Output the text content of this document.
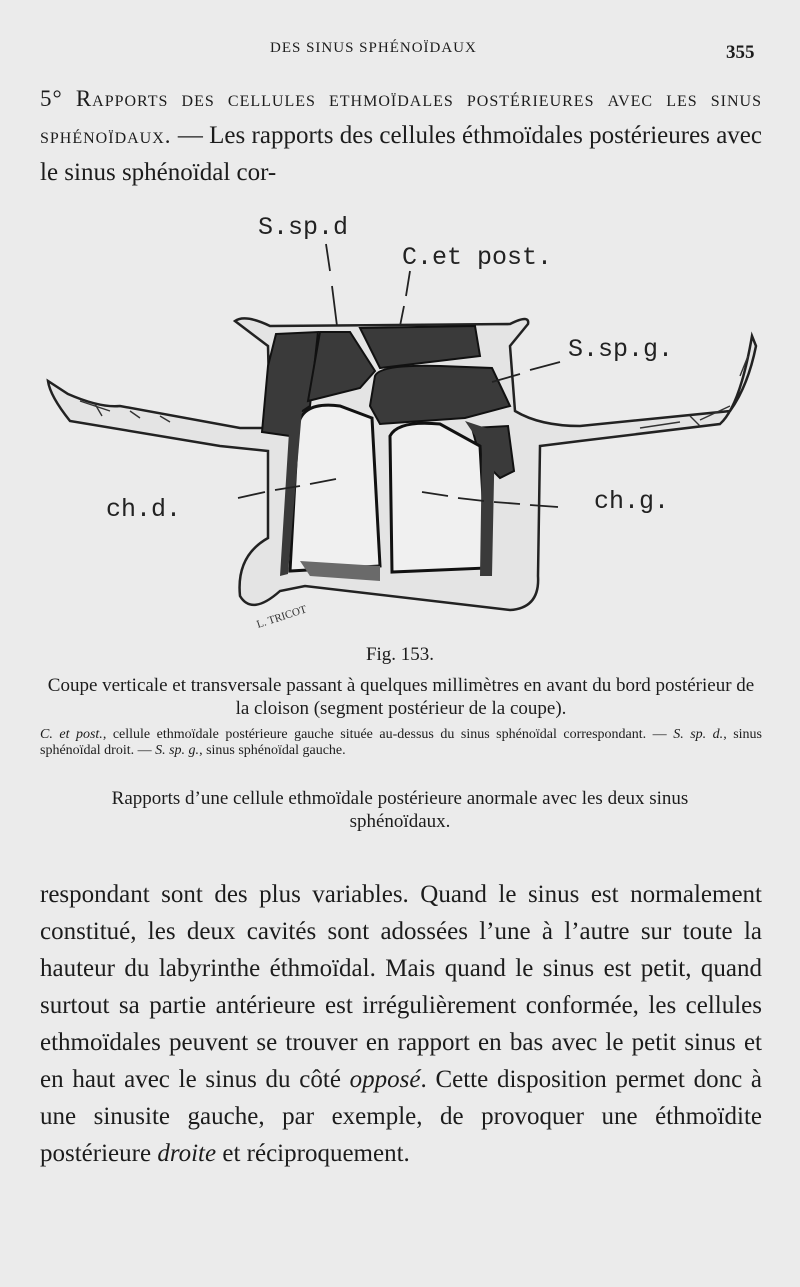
DES SINUS SPHÉNOÏDAUX	355
5° Rapports des cellules ethmoïdales postérieures avec les sinus sphénoïdaux. — Les rapports des cellules éthmoïdales postérieures avec le sinus sphénoïdal cor-
S.sp.d
C.et post.
S.sp.g.
ch.d.	ch.g.
L. TRICOT
Fig. 153.
Coupe verticale et transversale passant à quelques millimètres en avant du bord postérieur de la cloison (segment postérieur de la coupe).
C. et post., cellule ethmoïdale postérieure gauche située au-dessus du sinus sphénoïdal correspondant. — S. sp. d., sinus sphénoïdal droit. — S. sp. g., sinus sphénoïdal gauche.
Rapports d’une cellule ethmoïdale postérieure anormale avec les deux sinus sphénoïdaux.
respondant sont des plus variables. Quand le sinus est normalement constitué, les deux cavités sont adossées l’une à l’autre sur toute la hauteur du labyrinthe éthmoïdal. Mais quand le sinus est petit, quand surtout sa partie antérieure est irrégulièrement conformée, les cellules ethmoïdales peuvent se trouver en rapport en bas avec le petit sinus et en haut avec le sinus du côté opposé. Cette disposition permet donc à une sinusite gauche, par exemple, de provoquer une éthmoïdite postérieure droite et réciproquement.
